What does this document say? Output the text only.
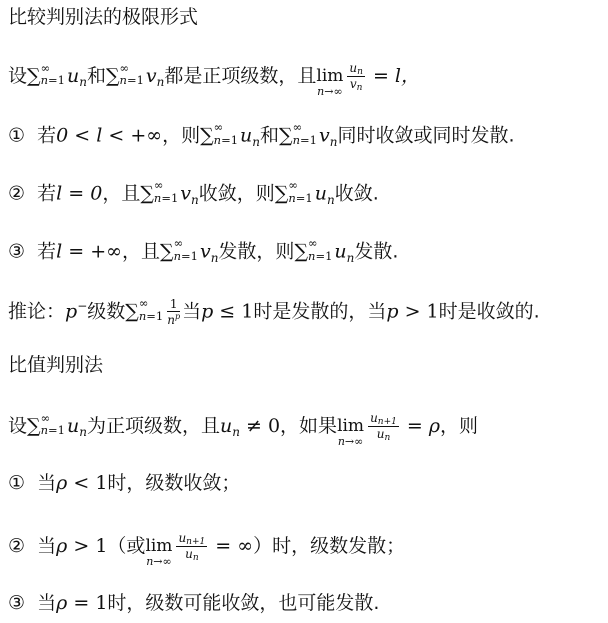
比较判别法的极限形式
设∑ ∞
n=1 $u_n$和∑ ∞
n=1 $v_n$都是正项级数，且 lim
n→∞
$\frac{un}{vn} = l$，
① 若0 < l < +∞，则∑ ∞
n=1 $u_n$和∑ ∞
n=1 $v_n$同时收敛或同时发散.
② 若l = 0，且∑ ∞
n=1 $v_n$收敛，则∑ ∞
n=1 $u_n$收敛.
③ 若l = +∞，且∑ ∞
n=1 $v_n$发散，则∑ ∞
n=1 $u_n$发散.
推论：p−级数∑ ∞
$n=1 \frac{1}{n^p}$ 当p ≤ 1时是发散的，当p > 1时是收敛的.
比值判别法
设∑ ∞
n=1 $u_n$为正项级数，且$u_n \ne 0$，如果 lim
n→∞
$\frac{un+1}{un} = \rho$，则
① 当ρ < 1时，级数收敛；
② 当ρ > 1（或 lim
n→∞
$\frac{un+1}{un}$ = ∞）时，级数发散；
③ 当ρ = 1时，级数可能收敛，也可能发散.
